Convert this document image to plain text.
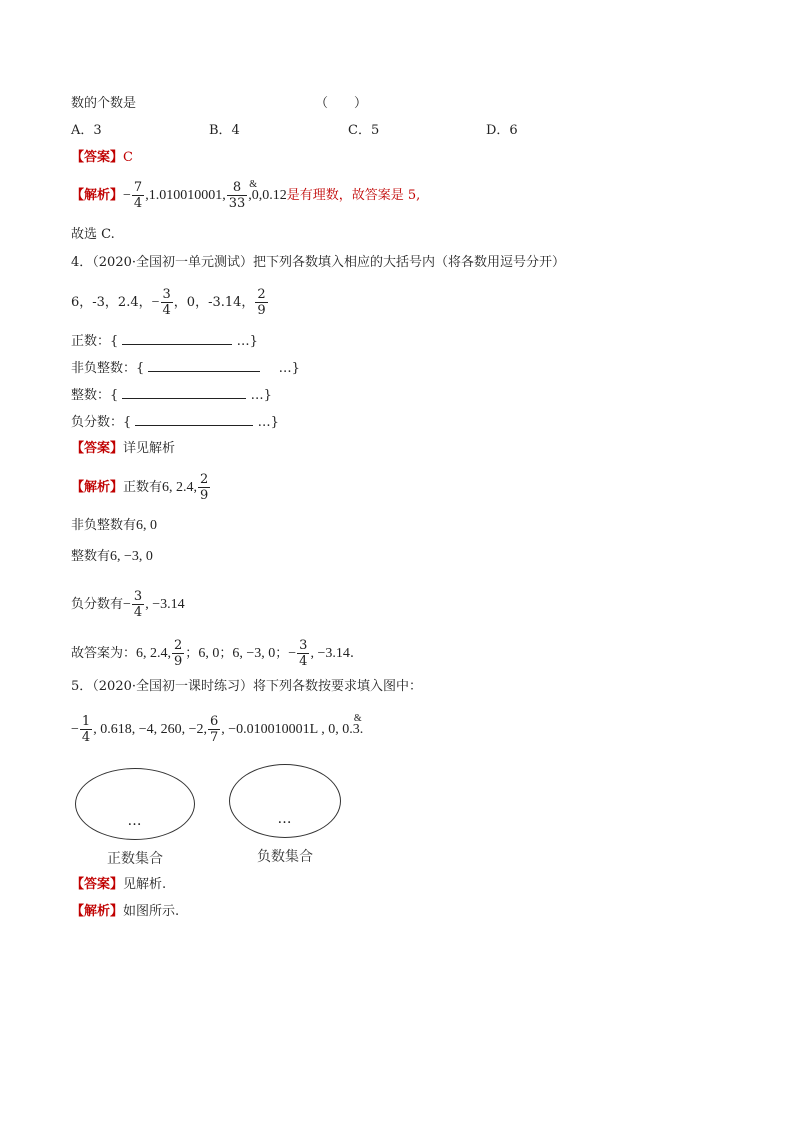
数的个数是	（　　）
A．3	B．4	C．5	D．6
【答案】C
【解析】− $\frac{7}{4} ,1.010010001$, $\frac{8}{33} ,0,0.12$
&
是有理数，故答案是 5,
故选 C.
4．（2020·全国初一单元测试）把下列各数填入相应的大括号内（将各数用逗号分开）
6，-3，2.4，− $\frac{3}{4}$ ，0，-3.14， $\frac{2}{9}$
正数：{	…}
非负整数：{	…}
整数：{	…}
负分数：{	…}
【答案】详见解析
【解析】正数有6, 2.4, $\frac{2}{9}$
非负整数有6, 0
整数有6, −3, 0
负分数有− $\frac{3}{4}$ , −3.14
故答案为：6, 2.4, $\frac{2}{9}$ ；6, 0；6, −3, 0；− $\frac{3}{4}$ , −3.14.
5．（2020·全国初一课时练习）将下列各数按要求填入图中：
− $\frac{1}{4}$ , 0.618, −4, 260, −2, $\frac{6}{7}$ , −0.010010001L , 0, 0.3
&
.
…
正数集合
…
负数集合
【答案】见解析.
【解析】如图所示.
